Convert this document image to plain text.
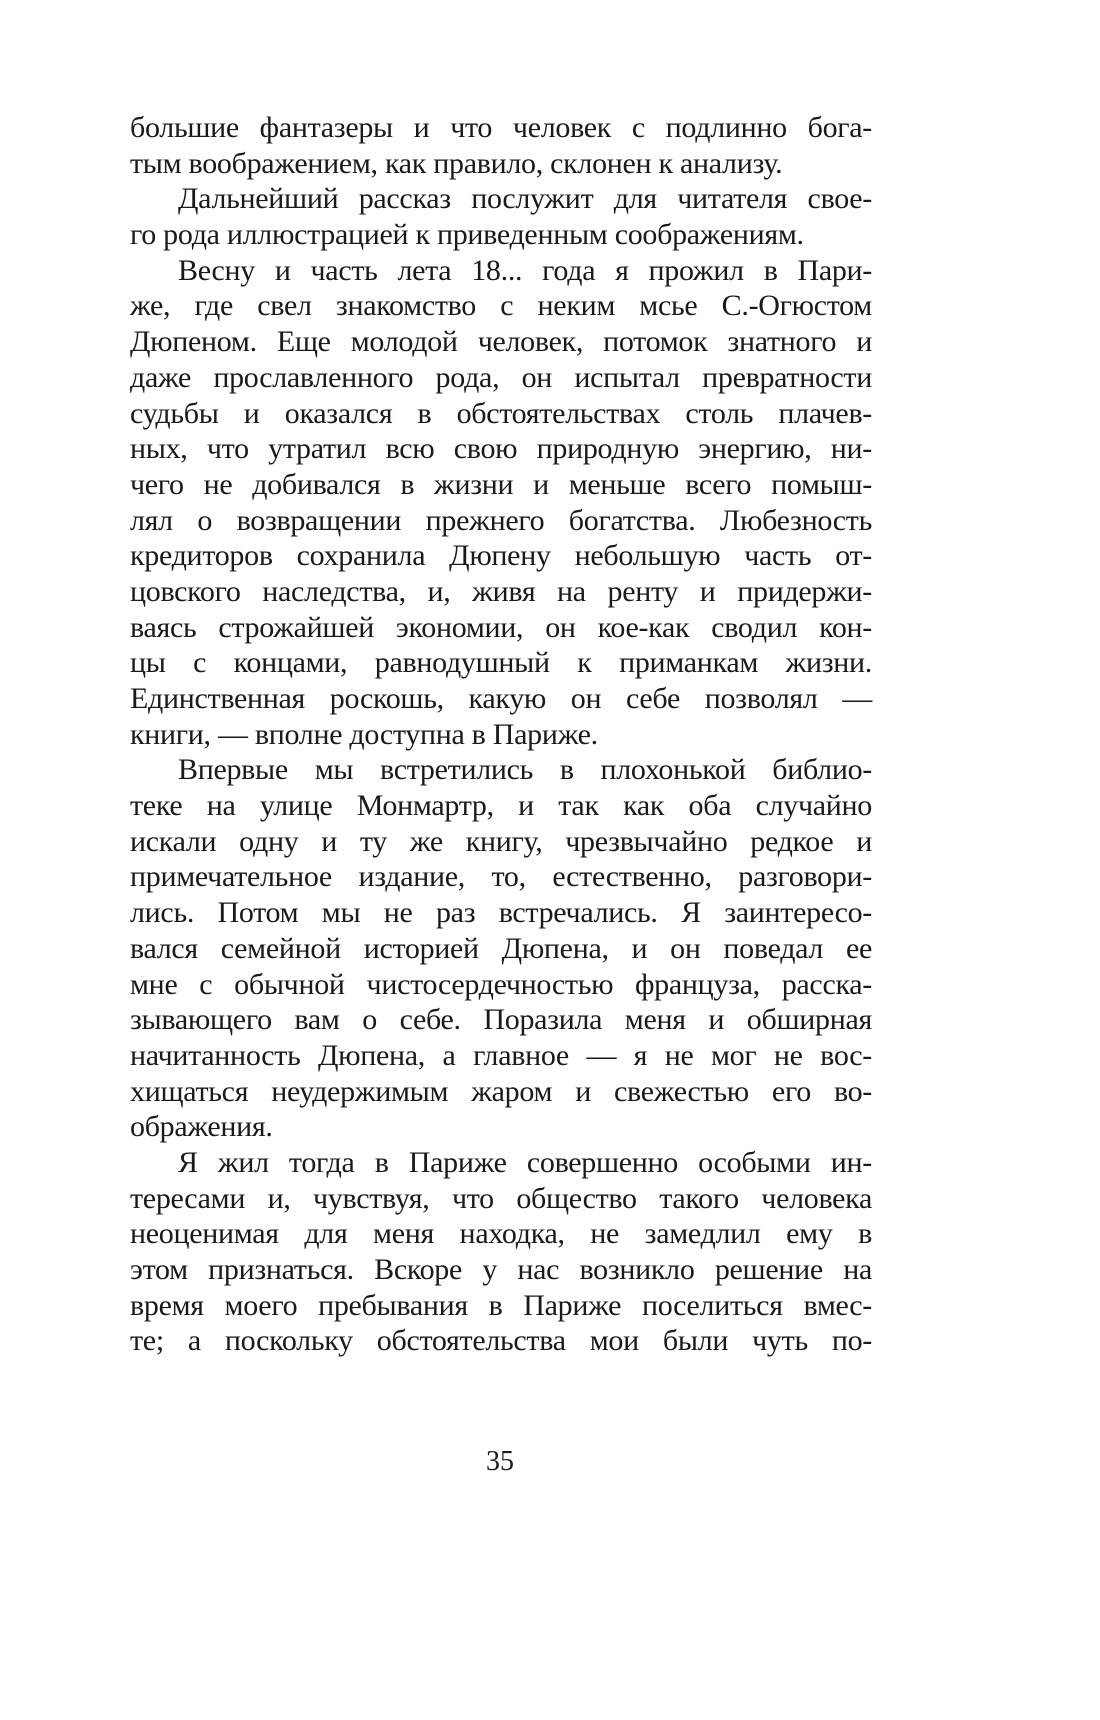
большие фантазеры и что человек с подлинно бога-
тым воображением, как правило, склонен к анализу.
Дальнейший рассказ послужит для читателя свое-
го рода иллюстрацией к приведенным соображениям.
Весну и часть лета 18... года я прожил в Пари-
же, где свел знакомство с неким мсье С.-Огюстом
Дюпеном. Еще молодой человек, потомок знатного и
даже прославленного рода, он испытал превратности
судьбы и оказался в обстоятельствах столь плачев-
ных, что утратил всю свою природную энергию, ни-
чего не добивался в жизни и меньше всего помыш-
лял о возвращении прежнего богатства. Любезность
кредиторов сохранила Дюпену небольшую часть от-
цовского наследства, и, живя на ренту и придержи-
ваясь строжайшей экономии, он кое-как сводил кон-
цы с концами, равнодушный к приманкам жизни.
Единственная роскошь, какую он себе позволял —
книги, — вполне доступна в Париже.
Впервые мы встретились в плохонькой библио-
теке на улице Монмартр, и так как оба случайно
искали одну и ту же книгу, чрезвычайно редкое и
примечательное издание, то, естественно, разговори-
лись. Потом мы не раз встречались. Я заинтересо-
вался семейной историей Дюпена, и он поведал ее
мне с обычной чистосердечностью француза, расска-
зывающего вам о себе. Поразила меня и обширная
начитанность Дюпена, а главное — я не мог не вос-
хищаться неудержимым жаром и свежестью его во-
ображения.
Я жил тогда в Париже совершенно особыми ин-
тересами и, чувствуя, что общество такого человека
неоценимая для меня находка, не замедлил ему в
этом признаться. Вскоре у нас возникло решение на
время моего пребывания в Париже поселиться вмес-
те; а поскольку обстоятельства мои были чуть по-
35
